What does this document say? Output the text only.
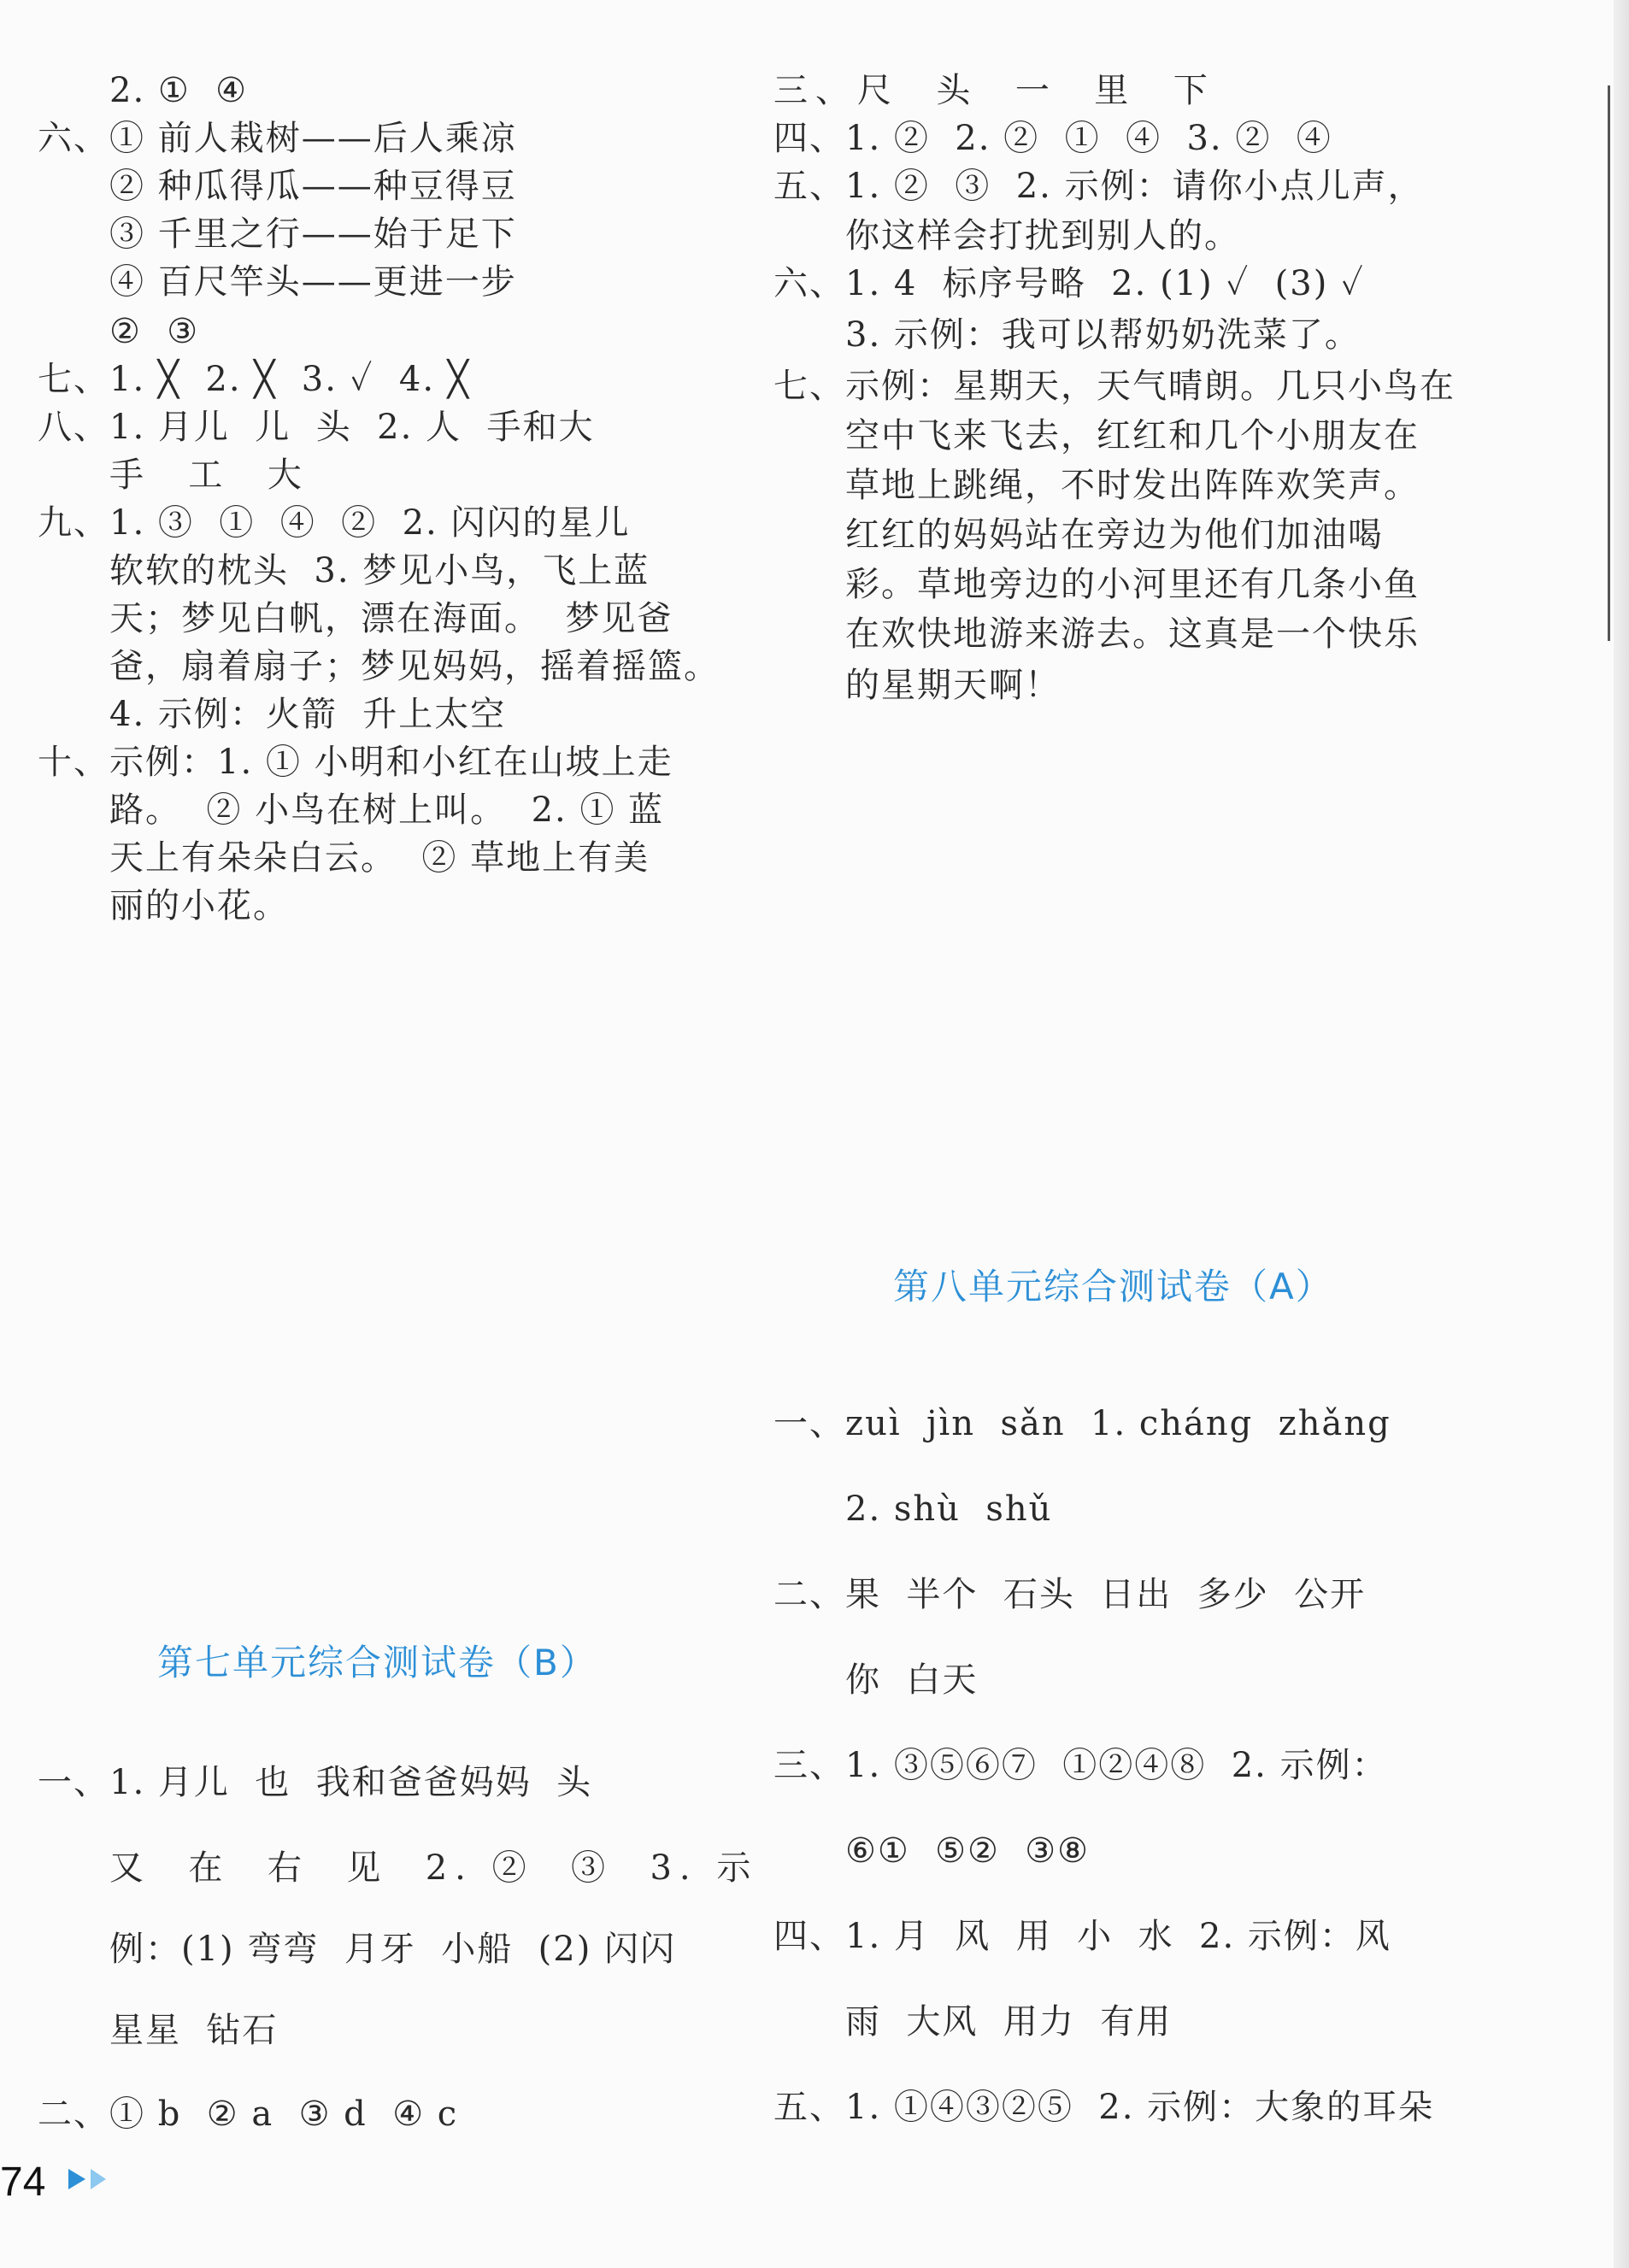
2. ①  ④
六、① 前人栽树——后人乘凉
② 种瓜得瓜——种豆得豆
③ 千里之行——始于足下
④ 百尺竿头——更进一步
②  ③
七、1. ╳  2. ╳  3. ✓  4. ╳
八、1. 月儿  儿  头  2. 人  手和大
手  工  大
九、1. ③  ①  ④  ②  2. 闪闪的星儿
软软的枕头  3. 梦见小鸟，飞上蓝
天；梦见白帆，漂在海面。  梦见爸
爸，扇着扇子；梦见妈妈，摇着摇篮。
4. 示例：火箭  升上太空
十、示例：1. ① 小明和小红在山坡上走
路。  ② 小鸟在树上叫。  2. ① 蓝
天上有朵朵白云。  ② 草地上有美
丽的小花。
第七单元综合测试卷（B）
一、1. 月儿  也  我和爸爸妈妈  头
又  在  右  见  2. ②  ③  3. 示
例：(1) 弯弯  月牙  小船  (2) 闪闪
星星  钻石
二、① b  ② a  ③ d  ④ c
三、尺  头  一  里  下
四、1. ②  2. ②  ①  ④  3. ②  ④
五、1. ②  ③  2. 示例：请你小点儿声，
你这样会打扰到别人的。
六、1. 4  标序号略  2. (1) ✓  (3) ✓
3. 示例：我可以帮奶奶洗菜了。
七、示例：星期天，天气晴朗。几只小鸟在
空中飞来飞去，红红和几个小朋友在
草地上跳绳，不时发出阵阵欢笑声。
红红的妈妈站在旁边为他们加油喝
彩。草地旁边的小河里还有几条小鱼
在欢快地游来游去。这真是一个快乐
的星期天啊！
第八单元综合测试卷（A）
一、zuì  jìn  sǎn  1. cháng  zhǎng
2. shù  shǔ
二、果  半个  石头  日出  多少  公开
你  白天
三、1. ③⑤⑥⑦  ①②④⑧  2. 示例：
⑥①  ⑤②  ③⑧
四、1. 月  风  用  小  水  2. 示例：风
雨  大风  用力  有用
五、1. ①④③②⑤  2. 示例：大象的耳朵
74
